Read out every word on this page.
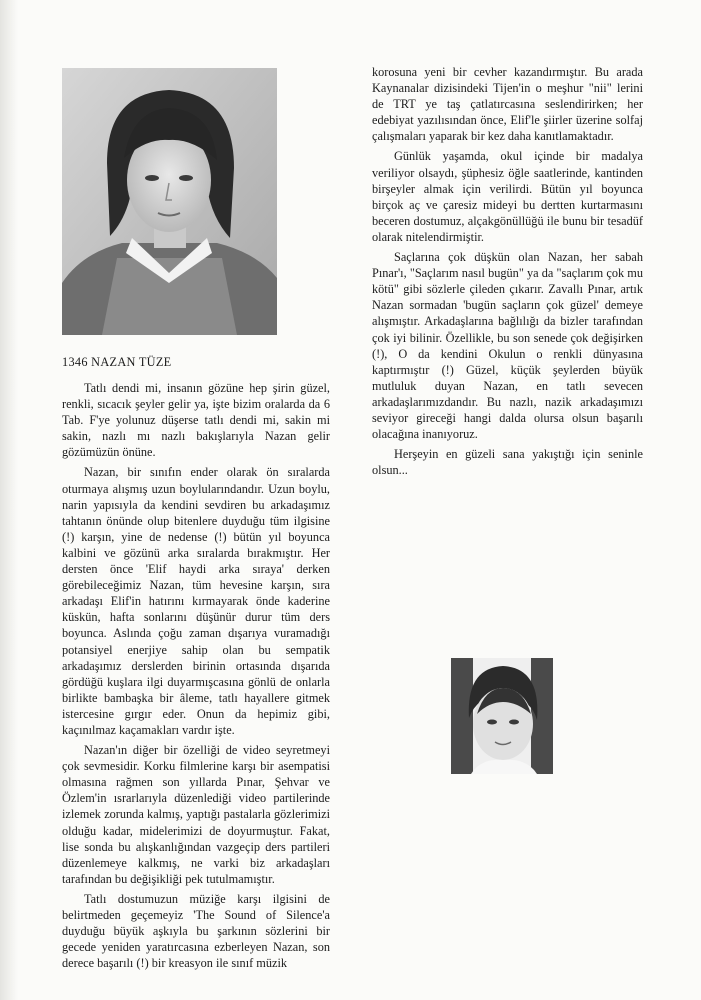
1346 NAZAN TÜZE

Tatlı dendi mi, insanın gözüne hep şirin güzel, renkli, sıcacık şeyler gelir ya, işte bizim oralarda da 6 Tab. F'ye yolunuz düşerse tatlı dendi mi, sakin mi sakin, nazlı mı nazlı bakışlarıyla Nazan gelir gözümüzün önüne.

Nazan, bir sınıfın ender olarak ön sıralarda oturmaya alışmış uzun boylularındandır. Uzun boylu, narin yapısıyla da kendini sevdiren bu arkadaşımız tahtanın önünde olup bitenlere duyduğu tüm ilgisine (!) karşın, yine de nedense (!) bütün yıl boyunca kalbini ve gözünü arka sıralarda bırakmıştır. Her dersten önce 'Elif haydi arka sıraya' derken görebileceğimiz Nazan, tüm hevesine karşın, sıra arkadaşı Elif'in hatırını kırmayarak önde kaderine küskün, hafta sonlarını düşünür durur tüm ders boyunca. Aslında çoğu zaman dışarıya vuramadığı potansiyel enerjiye sahip olan bu sempatik arkadaşımız derslerden birinin ortasında dışarıda gördüğü kuşlara ilgi duyarmışcasına gönlü de onlarla birlikte bambaşka bir âleme, tatlı hayallere gitmek istercesine gırgır eder. Onun da hepimiz gibi, kaçınılmaz kaçamakları vardır işte.

Nazan'ın diğer bir özelliği de video seyretmeyi çok sevmesidir. Korku filmlerine karşı bir asempatisi olmasına rağmen son yıllarda Pınar, Şehvar ve Özlem'in ısrarlarıyla düzenlediği video partilerinde izlemek zorunda kalmış, yaptığı pastalarla gözlerimizi olduğu kadar, midelerimizi de doyurmuştur. Fakat, lise sonda bu alışkanlığından vazgeçip ders partileri düzenlemeye kalkmış, ne varki biz arkadaşları tarafından bu değişikliği pek tutulmamıştır.

Tatlı dostumuzun müziğe karşı ilgisini de belirtmeden geçemeyiz 'The Sound of Silence'a duyduğu büyük aşkıyla bu şarkının sözlerini bir gecede yeniden yaratırcasına ezberleyen Nazan, son derece başarılı (!) bir kreasyon ile sınıf müzik

korosuna yeni bir cevher kazandırmıştır. Bu arada Kaynanalar dizisindeki Tijen'in o meşhur "nii" lerini de TRT ye taş çatlatırcasına seslendirirken; her edebiyat yazılısından önce, Elif'le şiirler üzerine solfaj çalışmaları yaparak bir kez daha kanıtlamaktadır.

Günlük yaşamda, okul içinde bir madalya veriliyor olsaydı, şüphesiz öğle saatlerinde, kantinden birşeyler almak için verilirdi. Bütün yıl boyunca birçok aç ve çaresiz mideyi bu dertten kurtarmasını beceren dostumuz, alçakgönüllüğü ile bunu bir tesadüf olarak nitelendirmiştir.

Saçlarına çok düşkün olan Nazan, her sabah Pınar'ı, "Saçlarım nasıl bugün" ya da "saçlarım çok mu kötü" gibi sözlerle çileden çıkarır. Zavallı Pınar, artık Nazan sormadan 'bugün saçların çok güzel' demeye alışmıştır. Arkadaşlarına bağlılığı da bizler tarafından çok iyi bilinir. Özellikle, bu son senede çok değişirken (!), O da kendini Okulun o renkli dünyasına kaptırmıştır (!) Güzel, küçük şeylerden büyük mutluluk duyan Nazan, en tatlı sevecen arkadaşlarımızdandır. Bu nazlı, nazik arkadaşımızı seviyor gireceği hangi dalda olursa olsun başarılı olacağına inanıyoruz.

Herşeyin en güzeli sana yakıştığı için seninle olsun...
